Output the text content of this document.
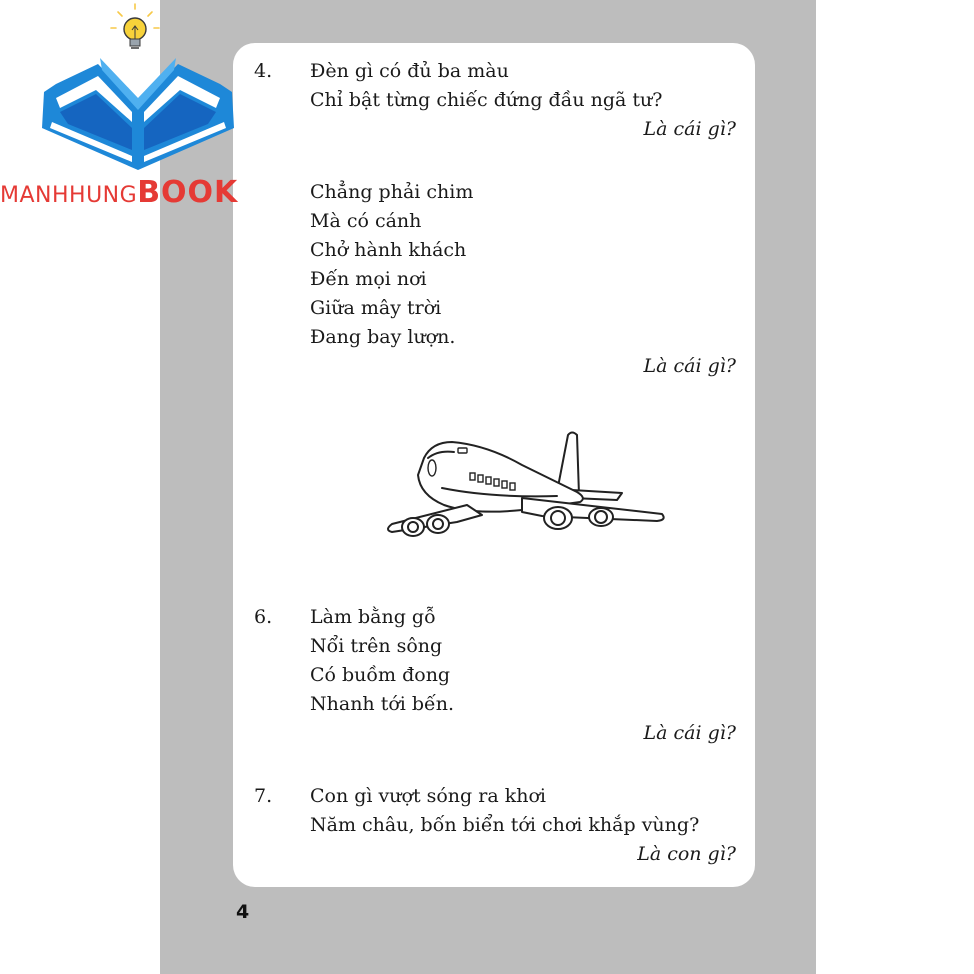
4. Đèn gì có đủ ba màu
Chỉ bật từng chiếc đứng đầu ngã tư?
Là cái gì?
Chẳng phải chim
Mà có cánh
Chở hành khách
Đến mọi nơi
Giữa mây trời
Đang bay lượn.
Là cái gì?
6. Làm bằng gỗ
Nổi trên sông
Có buồm đong
Nhanh tới bến.
Là cái gì?
7. Con gì vượt sóng ra khơi
Năm châu, bốn biển tới chơi khắp vùng?
Là con gì?
4
MANHHUNGBOOK
